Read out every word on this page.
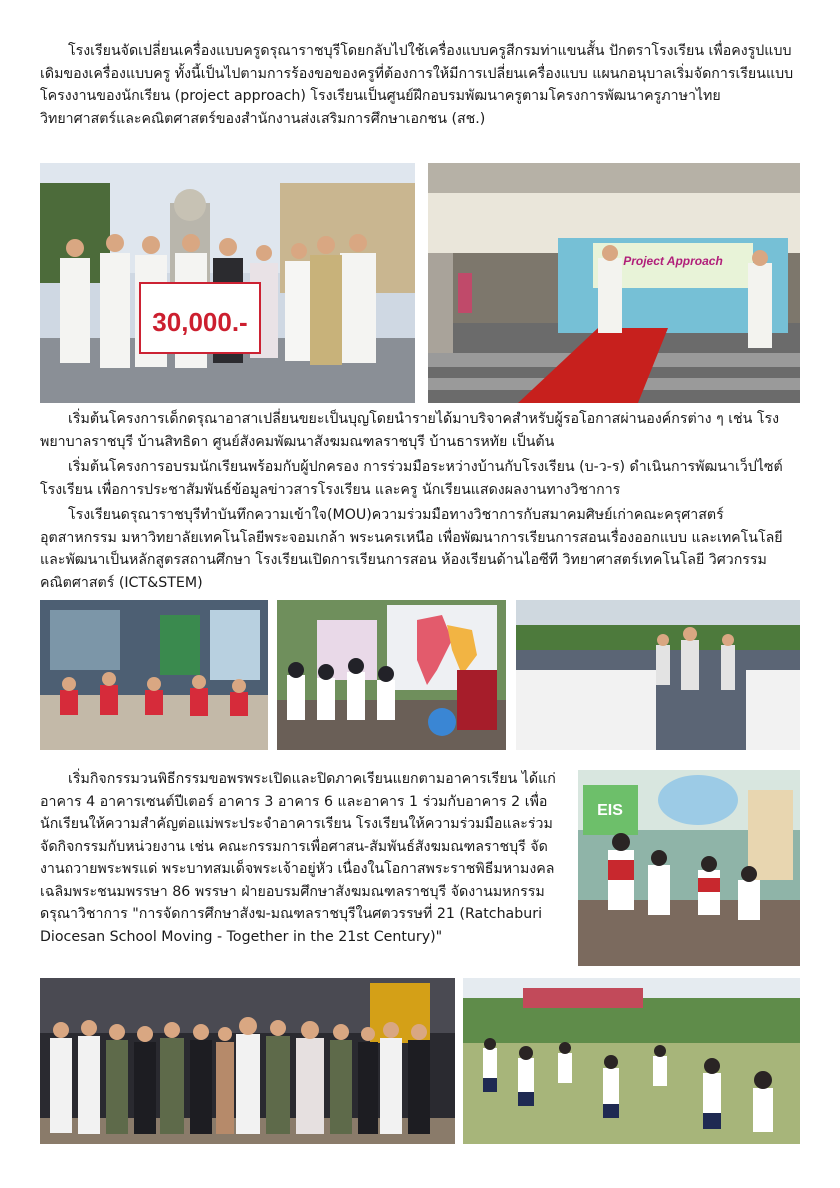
โรงเรียนจัดเปลี่ยนเครื่องแบบครูดรุณาราชบุรีโดยกลับไปใช้เครื่องแบบครูสีกรมท่าแขนสั้น ปักตราโรงเรียน เพื่อคงรูปแบบเดิมของเครื่องแบบครู ทั้งนี้เป็นไปตามการร้องขอของครูที่ต้องการให้มีการเปลี่ยนเครื่องแบบ แผนกอนุบาลเริ่มจัดการเรียนแบบโครงงานของนักเรียน (project approach) โรงเรียนเป็นศูนย์ฝึกอบรมพัฒนาครูตามโครงการพัฒนาครูภาษาไทย วิทยาศาสตร์และคณิตศาสตร์ของสำนักงานส่งเสริมการศึกษาเอกชน (สช.)

30,000.-
Project Approach

เริ่มต้นโครงการเด็กดรุณาอาสาเปลี่ยนขยะเป็นบุญโดยนำรายได้มาบริจาคสำหรับผู้รอโอกาสผ่านองค์กรต่าง ๆ เช่น โรงพยาบาลราชบุรี บ้านสิทธิดา ศูนย์สังคมพัฒนาสังฆมณฑลราชบุรี บ้านธารหทัย เป็นต้น

เริ่มต้นโครงการอบรมนักเรียนพร้อมกับผู้ปกครอง การร่วมมือระหว่างบ้านกับโรงเรียน (บ-ว-ร) ดำเนินการพัฒนาเว็ปไซต์โรงเรียน เพื่อการประชาสัมพันธ์ข้อมูลข่าวสารโรงเรียน และครู นักเรียนแสดงผลงานทางวิชาการ

โรงเรียนดรุณาราชบุรีทำบันทึกความเข้าใจ(MOU)ความร่วมมือทางวิชาการกับสมาคมศิษย์เก่าคณะครุศาสตร์อุตสาหกรรม มหาวิทยาลัยเทคโนโลยีพระจอมเกล้า พระนครเหนือ เพื่อพัฒนาการเรียนการสอนเรื่องออกแบบ และเทคโนโลยี และพัฒนาเป็นหลักสูตรสถานศึกษา โรงเรียนเปิดการเรียนการสอน ห้องเรียนด้านไอซีที วิทยาศาสตร์เทคโนโลยี วิศวกรรม คณิตศาสตร์ (ICT&STEM)

เริ่มกิจกรรมวนพิธีกรรมขอพรพระเปิดและปิดภาคเรียนแยกตามอาคารเรียน ได้แก่ อาคาร 4 อาคารเซนต์ปีเตอร์ อาคาร 3 อาคาร 6 และอาคาร 1 ร่วมกับอาคาร 2 เพื่อนักเรียนให้ความสำคัญต่อแม่พระประจำอาคารเรียน โรงเรียนให้ความร่วมมือและร่วมจัดกิจกรรมกับหน่วยงาน เช่น คณะกรรมการเพื่อศาสน-สัมพันธ์สังฆมณฑลราชบุรี จัดงานถวายพระพรแด่ พระบาทสมเด็จพระเจ้าอยู่หัว เนื่องในโอกาสพระราชพิธีมหามงคลเฉลิมพระชนมพรรษา 86 พรรษา ฝ่ายอบรมศึกษาสังฆมณฑลราชบุรี จัดงานมหกรรมดรุณาวิชาการ "การจัดการศึกษาสังฆ-มณฑลราชบุรีในศตวรรษที่ 21 (Ratchaburi Diocesan School Moving - Together in the 21st Century)"

EIS
